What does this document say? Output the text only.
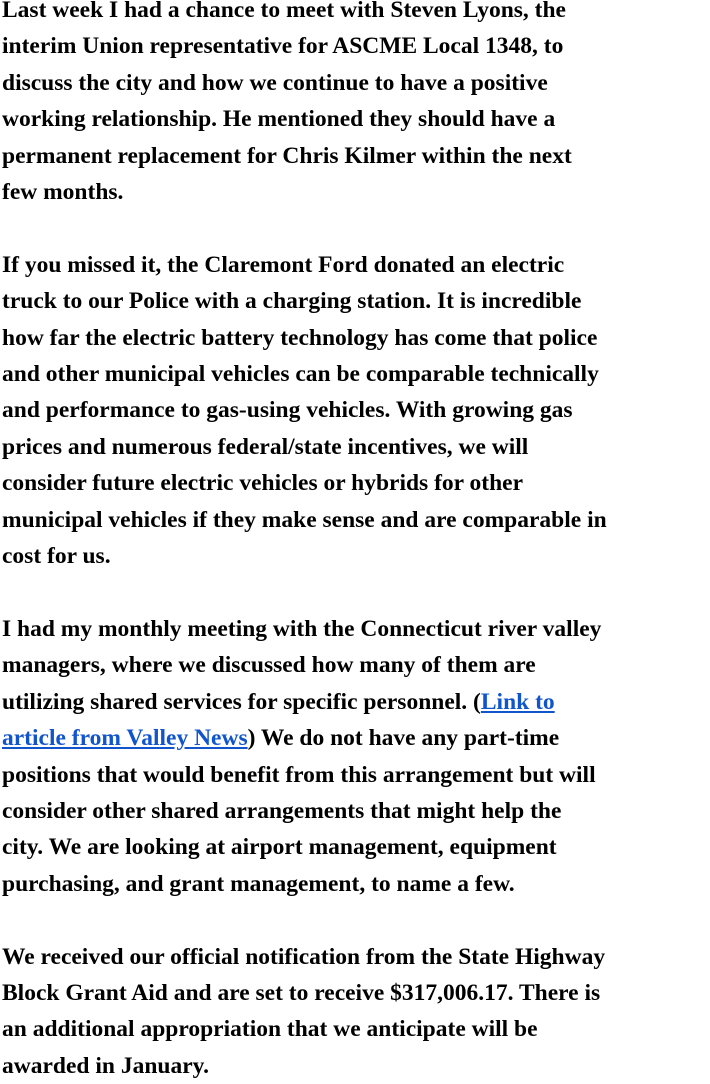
Last week I had a chance to meet with Steven Lyons, the
interim Union representative for ASCME Local 1348, to
discuss the city and how we continue to have a positive
working relationship. He mentioned they should have a
permanent replacement for Chris Kilmer within the next
few months.

If you missed it, the Claremont Ford donated an electric
truck to our Police with a charging station. It is incredible
how far the electric battery technology has come that police
and other municipal vehicles can be comparable technically
and performance to gas-using vehicles. With growing gas
prices and numerous federal/state incentives, we will
consider future electric vehicles or hybrids for other
municipal vehicles if they make sense and are comparable in
cost for us.

I had my monthly meeting with the Connecticut river valley
managers, where we discussed how many of them are
utilizing shared services for specific personnel. (Link to
article from Valley News) We do not have any part-time
positions that would benefit from this arrangement but will
consider other shared arrangements that might help the
city. We are looking at airport management, equipment
purchasing, and grant management, to name a few.

We received our official notification from the State Highway
Block Grant Aid and are set to receive $317,006.17. There is
an additional appropriation that we anticipate will be
awarded in January.
